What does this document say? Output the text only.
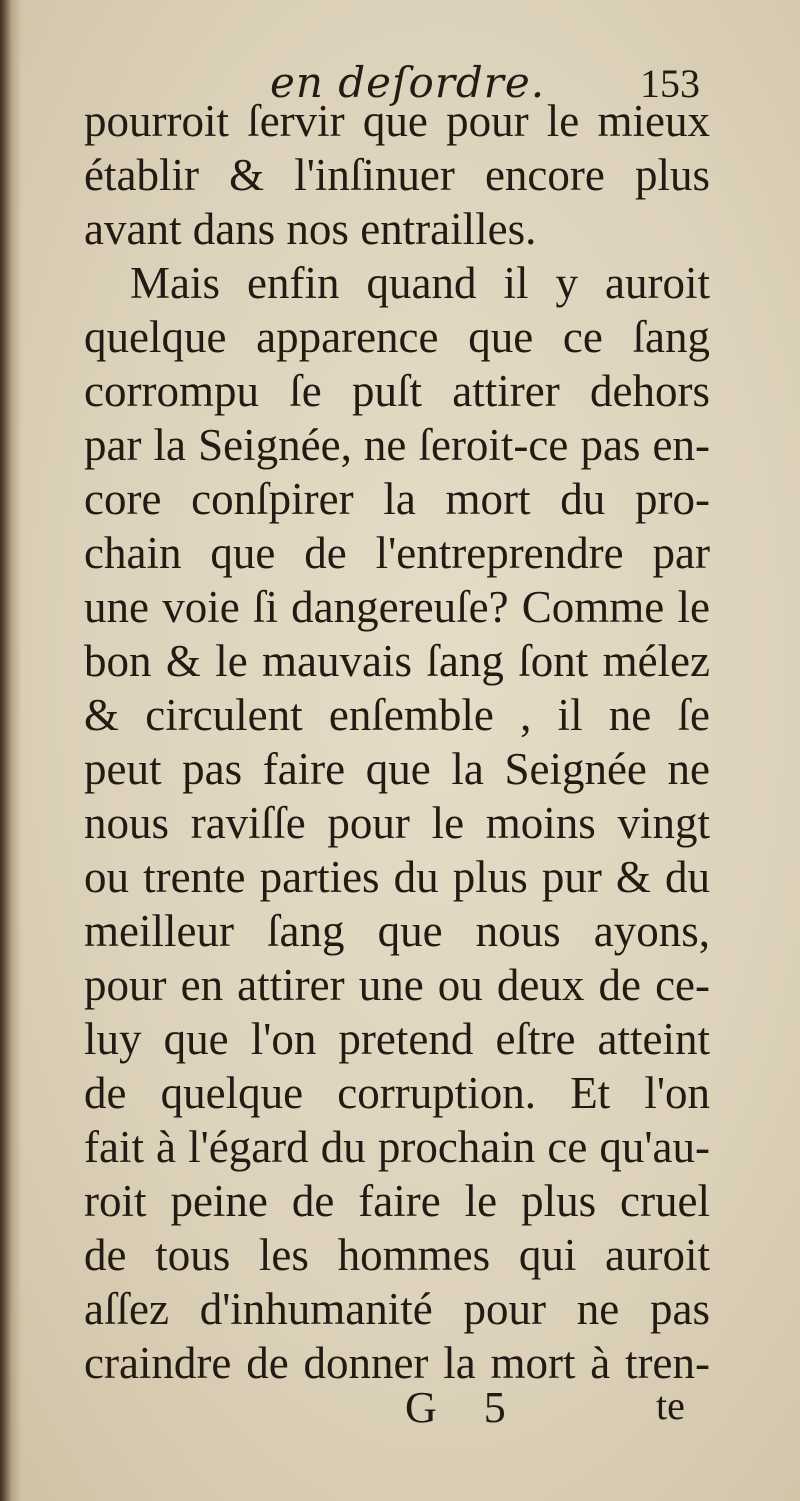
en deſordre. 153
pourroit ſervir que pour le mieux
établir & l'inſinuer encore plus
avant dans nos entrailles.
Mais enfin quand il y auroit
quelque apparence que ce ſang
corrompu ſe puſt attirer dehors
par la Seignée, ne ſeroit-ce pas en-
core conſpirer la mort du pro-
chain que de l'entreprendre par
une voie ſi dangereuſe? Comme le
bon & le mauvais ſang ſont mélez
& circulent enſemble , il ne ſe
peut pas faire que la Seignée ne
nous raviſſe pour le moins vingt
ou trente parties du plus pur & du
meilleur ſang que nous ayons,
pour en attirer une ou deux de ce-
luy que l'on pretend eſtre atteint
de quelque corruption. Et l'on
fait à l'égard du prochain ce qu'au-
roit peine de faire le plus cruel
de tous les hommes qui auroit
aſſez d'inhumanité pour ne pas
craindre de donner la mort à tren-
G 5	te
